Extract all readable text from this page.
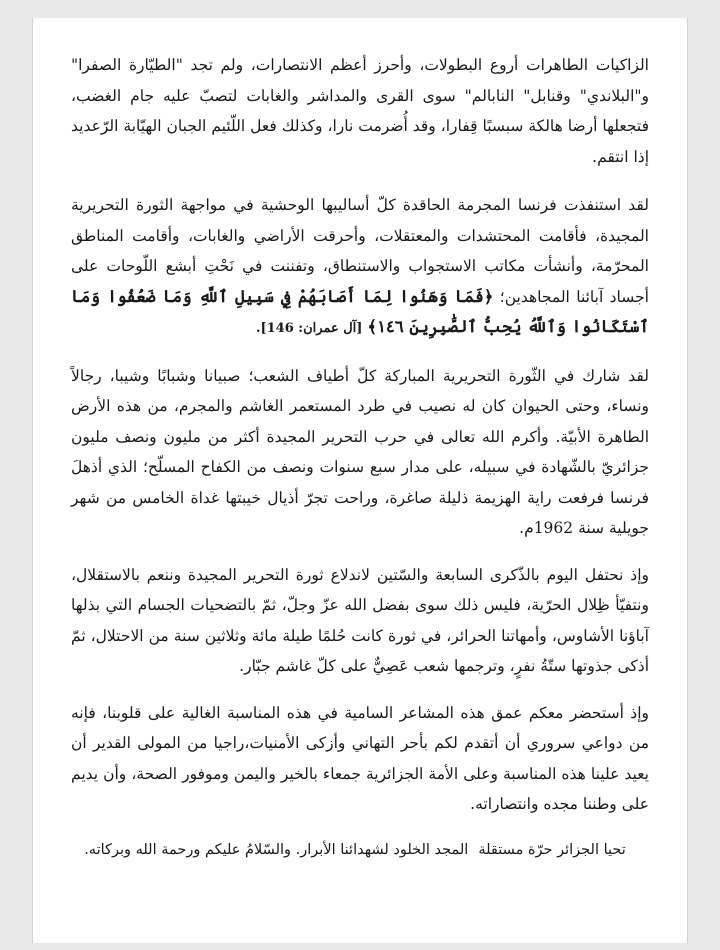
الزاكيات الطاهرات أروع البطولات، وأحرز أعظم الانتصارات، ولم تجد "الطيّارة الصفرا" و"البلاندي" وقنابل" النابالم" سوى القرى والمداشر والغابات لتصبّ عليه جام الغضب، فتجعلها أرضا هالكة سبسبًا قِفارا، وقد أُضرمت نارا، وكذلك فعل اللّئيم الجبان الهيّابة الرّعديد إذا انتقم.

لقد استنفذت فرنسا المجرمة الحاقدة كلّ أساليبها الوحشية في مواجهة الثورة التحريرية المجيدة، فأقامت المحتشدات والمعتقلات، وأحرقت الأراضي والغابات، وأقامت المناطق المحرّمة، وأنشأت مكاتب الاستجواب والاستنطاق، وتفننت في نَحْتِ أبشع اللّوحات على أجساد آبائنا المجاهدين؛ ﴿فَمَا وَهَنُوا لِمَا أَصَابَهُمْ فِي سَبِيلِ ٱللَّهِ وَمَا ضَعُفُوا وَمَا ٱسْتَكَانُوا وَٱللَّهُ يُحِبُّ ٱلصَّٰبِرِينَ ١٤٦﴾ [آل عمران: 146].

لقد شارك في الثّورة التحريرية المباركة كلّ أطياف الشعب؛ صبيانا وشبابًا وشيبا، رجالاً ونساء، وحتى الحيوان كان له نصيب في طرد المستعمر الغاشم والمجرم، من هذه الأرض الطاهرة الأبيّة. وأكرم الله تعالى في حرب التحرير المجيدة أكثر من مليون ونصف مليون جزائريّ بالشّهادة في سبيله، على مدار سبع سنوات ونصف من الكفاح المسلّح؛ الذي أذهلَ فرنسا فرفعت راية الهزيمة ذليلة صاغرة، وراحت تجرّ أذيال خيبتها غداة الخامس من شهر جويلية سنة 1962م.

وإذ نحتفل اليوم بالذّكرى السابعة والسّتين لاندلاع ثورة التحرير المجيدة وننعم بالاستقلال، ونتفيّأ ظِلال الحرّية، فليس ذلك سوى بفضل الله عزّ وجلّ، ثمّ بالتضحيات الجسام التي بذلها آباؤنا الأشاوس، وأمهاتنا الحرائر، في ثورة كانت حُلمًا طيلة مائة وثلاثين سنة من الاحتلال، ثمّ أذكى جذوتها ستّةُ نفرٍ، وترجمها شعب عَصِيٌّ على كلّ غاشم جبّار.

وإذ أستحضر معكم عمق هذه المشاعر السامية في هذه المناسبة الغالية على قلوبنا، فإنه من دواعي سروري أن أتقدم لكم بأحر التهاني وأزكى الأمنيات،راجيا من المولى القدير أن يعيد علينا هذه المناسبة وعلى الأمة الجزائرية جمعاء بالخير واليمن وموفور الصحة، وأن يديم على وطننا مجده وانتصاراته.

تحيا الجزائر حرّة مستقلةالمجد الخلود لشهدائنا الأبرار. والسّلامُ عليكم ورحمة الله وبركاته.
